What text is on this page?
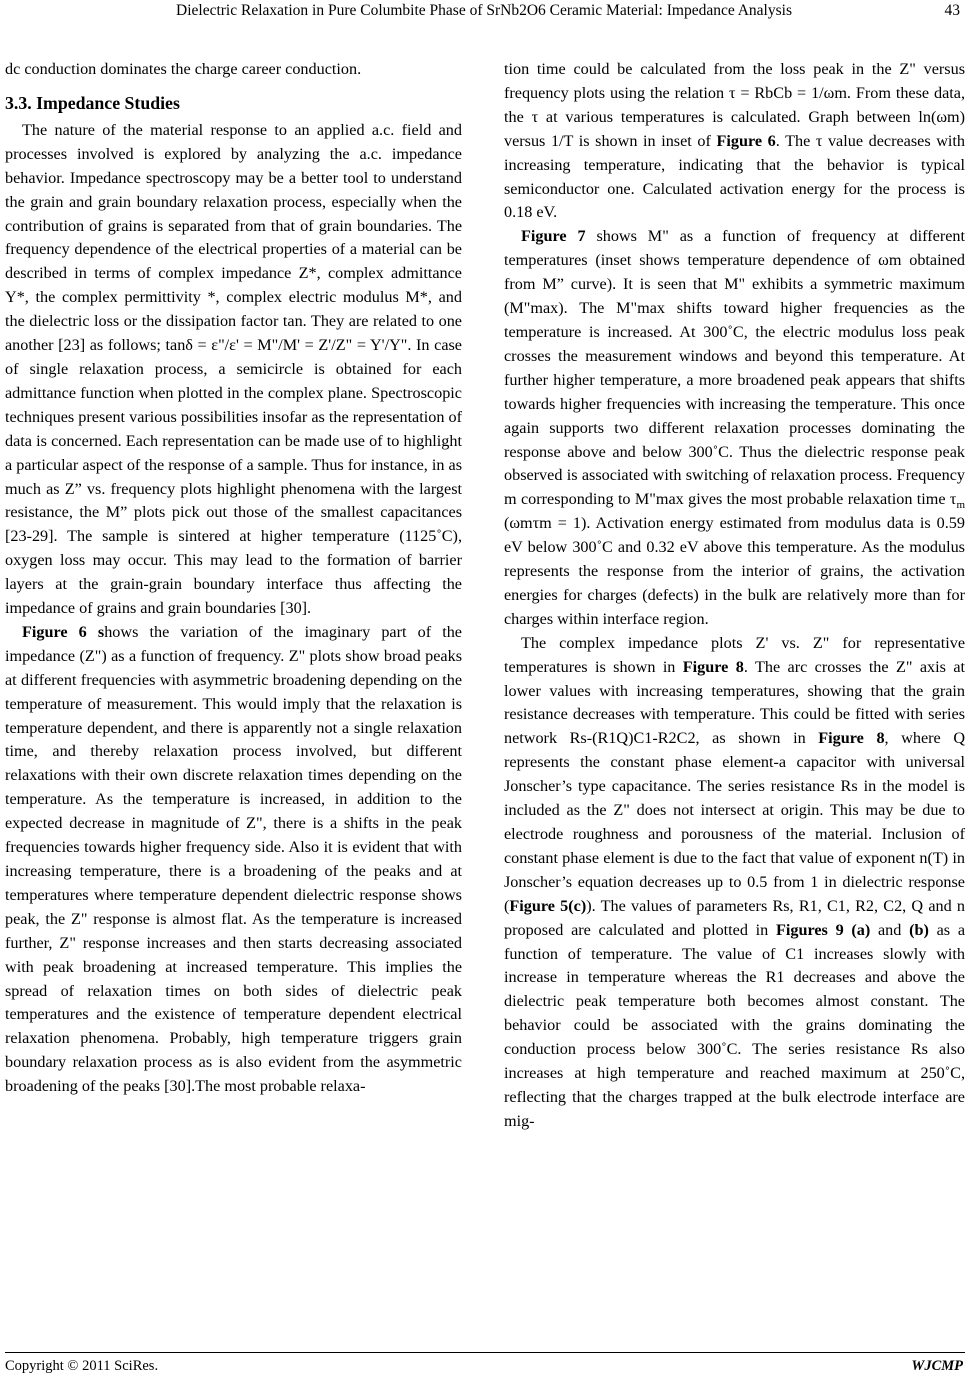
Dielectric Relaxation in Pure Columbite Phase of SrNb2O6 Ceramic Material: Impedance Analysis	43

dc conduction dominates the charge career conduction.

3.3. Impedance Studies

The nature of the material response to an applied a.c. field and processes involved is explored by analyzing the a.c. impedance behavior. Impedance spectroscopy may be a better tool to understand the grain and grain boundary relaxation process, especially when the contribution of grains is separated from that of grain boundaries. The frequency dependence of the electrical properties of a material can be described in terms of complex impedance Z*, complex admittance Y*, the complex permittivity *, complex electric modulus M*, and the dielectric loss or the dissipation factor tan. They are related to one another [23] as follows; tanδ = ε"/ε' = M"/M' = Z'/Z" = Y'/Y". In case of single relaxation process, a semicircle is obtained for each admittance function when plotted in the complex plane. Spectroscopic techniques present various possibilities insofar as the representation of data is concerned. Each representation can be made use of to highlight a particular aspect of the response of a sample. Thus for instance, in as much as Z” vs. frequency plots highlight phenomena with the largest resistance, the M” plots pick out those of the smallest capacitances [23-29]. The sample is sintered at higher temperature (1125˚C), oxygen loss may occur. This may lead to the formation of barrier layers at the grain-grain boundary interface thus affecting the impedance of grains and grain boundaries [30].

Figure 6 shows the variation of the imaginary part of the impedance (Z") as a function of frequency. Z" plots show broad peaks at different frequencies with asymmetric broadening depending on the temperature of measurement. This would imply that the relaxation is temperature dependent, and there is apparently not a single relaxation time, and thereby relaxation process involved, but different relaxations with their own discrete relaxation times depending on the temperature. As the temperature is increased, in addition to the expected decrease in magnitude of Z", there is a shifts in the peak frequencies towards higher frequency side. Also it is evident that with increasing temperature, there is a broadening of the peaks and at temperatures where temperature dependent dielectric response shows peak, the Z" response is almost flat. As the temperature is increased further, Z" response increases and then starts decreasing associated with peak broadening at increased temperature. This implies the spread of relaxation times on both sides of dielectric peak temperatures and the existence of temperature dependent electrical relaxation phenomena. Probably, high temperature triggers grain boundary relaxation process as is also evident from the asymmetric broadening of the peaks [30].The most probable relaxa-

tion time could be calculated from the loss peak in the Z" versus frequency plots using the relation τ = RbCb = 1/ωm. From these data, the τ at various temperatures is calculated. Graph between ln(ωm) versus 1/T is shown in inset of Figure 6. The τ value decreases with increasing temperature, indicating that the behavior is typical semiconductor one. Calculated activation energy for the process is 0.18 eV.

Figure 7 shows M" as a function of frequency at different temperatures (inset shows temperature dependence of ωm obtained from M” curve). It is seen that M" exhibits a symmetric maximum (M"max). The M"max shifts toward higher frequencies as the temperature is increased. At 300˚C, the electric modulus loss peak crosses the measurement windows and beyond this temperature. At further higher temperature, a more broadened peak appears that shifts towards higher frequencies with increasing the temperature. This once again supports two different relaxation processes dominating the response above and below 300˚C. Thus the dielectric response peak observed is associated with switching of relaxation process. Frequency m corresponding to M"max gives the most probable relaxation time $\tau_m$ (ωmτm = 1). Activation energy estimated from modulus data is 0.59 eV below 300˚C and 0.32 eV above this temperature. As the modulus represents the response from the interior of grains, the activation energies for charges (defects) in the bulk are relatively more than for charges within interface region.

The complex impedance plots Z' vs. Z" for representative temperatures is shown in Figure 8. The arc crosses the Z" axis at lower values with increasing temperatures, showing that the grain resistance decreases with temperature. This could be fitted with series network Rs-(R1Q)C1-R2C2, as shown in Figure 8, where Q represents the constant phase element-a capacitor with universal Jonscher’s type capacitance. The series resistance Rs in the model is included as the Z" does not intersect at origin. This may be due to electrode roughness and porousness of the material. Inclusion of constant phase element is due to the fact that value of exponent n(T) in Jonscher’s equation decreases up to 0.5 from 1 in dielectric response (Figure 5(c)). The values of parameters Rs, R1, C1, R2, C2, Q and n proposed are calculated and plotted in Figures 9 (a) and (b) as a function of temperature. The value of C1 increases slowly with increase in temperature whereas the R1 decreases and above the dielectric peak temperature both becomes almost constant. The behavior could be associated with the grains dominating the conduction process below 300˚C. The series resistance Rs also increases at high temperature and reached maximum at 250˚C, reflecting that the charges trapped at the bulk electrode interface are mig-

Copyright © 2011 SciRes.	WJCMP
